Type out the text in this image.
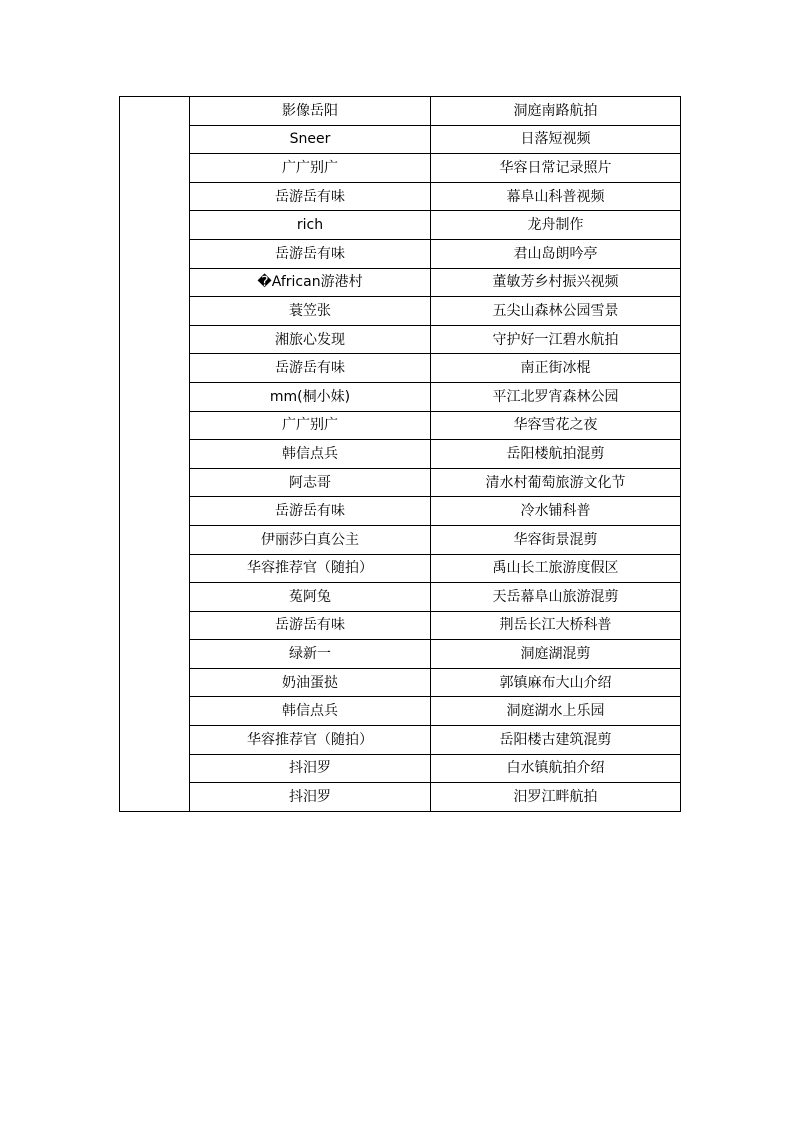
	影像岳阳	洞庭南路航拍
	Sneer	日落短视频
	广广别广	华容日常记录照片
	岳游岳有味	幕阜山科普视频
	rich	龙舟制作
	岳游岳有味	君山岛朗吟亭
	�African游港村	董敏芳乡村振兴视频
	蓑笠张	五尖山森林公园雪景
	湘旅心发现	守护好一江碧水航拍
	岳游岳有味	南正街冰棍
	mm(桐小妹)	平江北罗宵森林公园
	广广别广	华容雪花之夜
	韩信点兵	岳阳楼航拍混剪
	阿志哥	清水村葡萄旅游文化节
	岳游岳有味	冷水铺科普
	伊丽莎白真公主	华容街景混剪
	华容推荐官（随拍）	禹山长工旅游度假区
	菟阿兔	天岳幕阜山旅游混剪
	岳游岳有味	荆岳长江大桥科普
	绿新一	洞庭湖混剪
	奶油蛋挞	郭镇麻布大山介绍
	韩信点兵	洞庭湖水上乐园
	华容推荐官（随拍）	岳阳楼古建筑混剪
	抖汨罗	白水镇航拍介绍
	抖汨罗	汨罗江畔航拍
